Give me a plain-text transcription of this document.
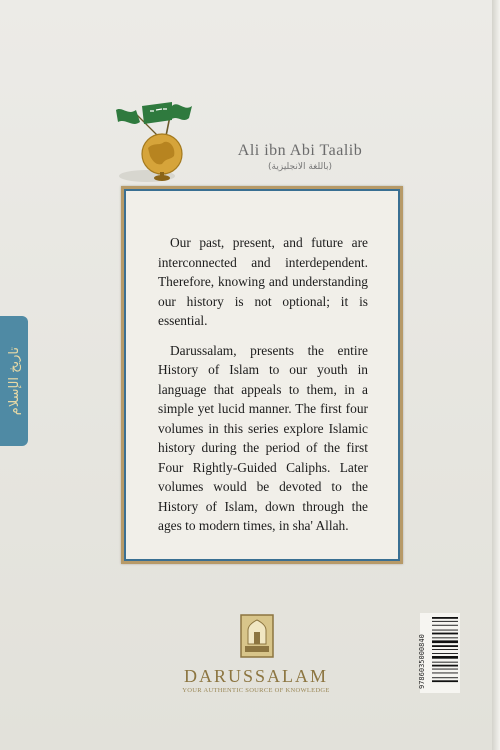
Ali ibn Abi Taalib
(باللغة الانجليزية)

Our past, present, and future are interconnected and interdependent. Therefore, knowing and understanding our history is not optional; it is essential.

Darussalam, presents the entire History of Islam to our youth in language that appeals to them, in a simple yet lucid manner. The first four volumes in this series explore Islamic history during the period of the first Four Rightly-Guided Caliphs. Later volumes would be devoted to the History of Islam, down through the ages to modern times, in sha' Allah.

تاريخ الإسلام
DARUSSALAM
YOUR AUTHENTIC SOURCE OF KNOWLEDGE
9786035000840
